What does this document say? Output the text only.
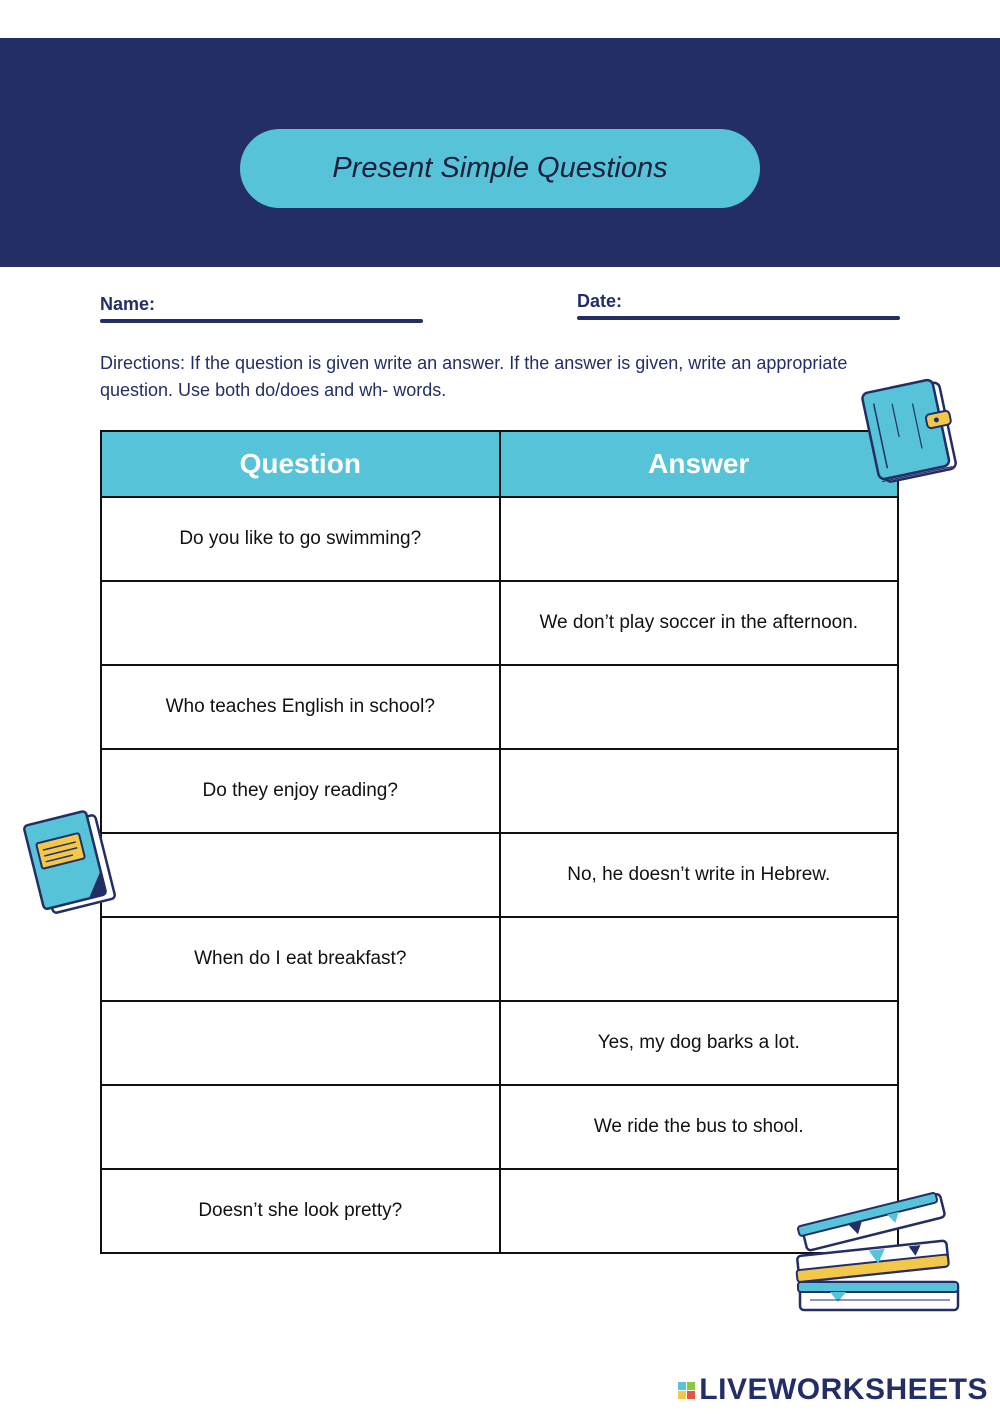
Present Simple Questions
Name:	Date:
Directions: If the question is given write an answer. If the answer is given, write an appropriate question. Use both do/does and wh- words.
Question	Answer
Do you like to go swimming?	
	We don’t play soccer in the afternoon.
Who teaches English in school?	
Do they enjoy reading?	
	No, he doesn’t write in Hebrew.
When do I eat breakfast?	
	Yes, my dog barks a lot.
	We ride the bus to shool.
Doesn’t she look pretty?	
LIVEWORKSHEETS
